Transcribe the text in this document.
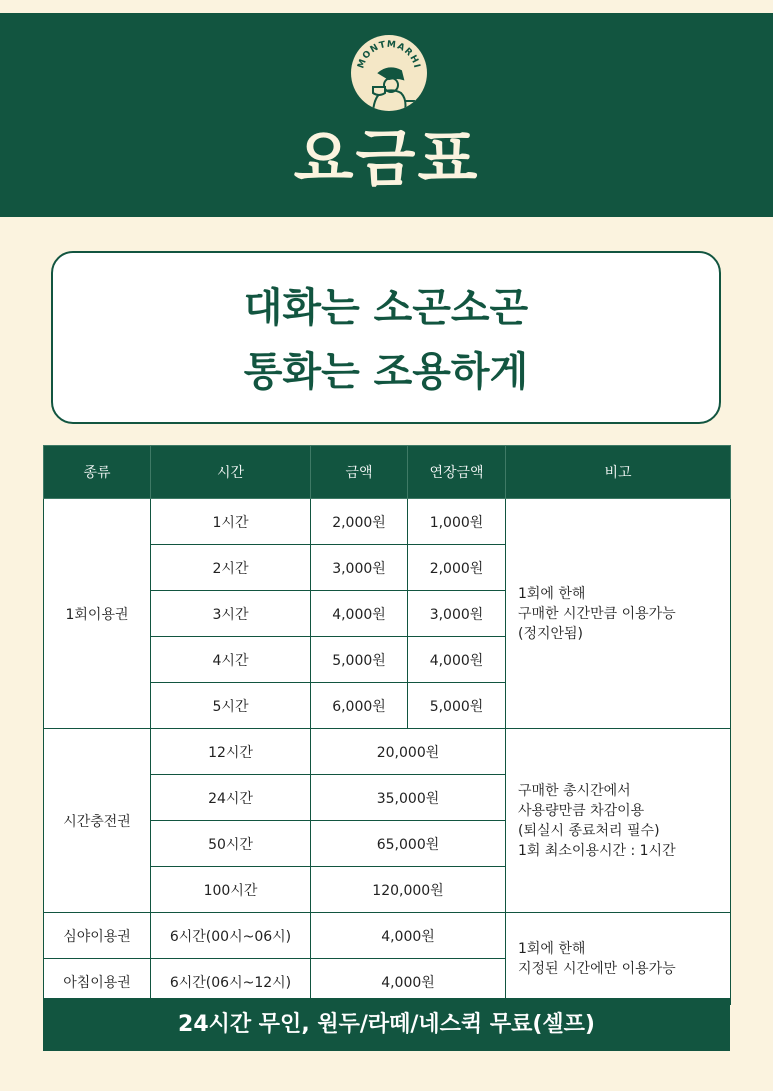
MONTMARHI
요금표
대화는 소곤소곤
통화는 조용하게
종류	시간	금액	연장금액	비고
1회이용권	1시간	2,000원	1,000원	1회에 한해
구매한 시간만큼 이용가능
(정지안됨)

	2시간	3,000원	2,000원	
	3시간	4,000원	3,000원	
	4시간	5,000원	4,000원	
	5시간	6,000원	5,000원	
시간충전권	12시간	20,000원		구매한 총시간에서
사용량만큼 차감이용
(퇴실시 종료처리 필수)
1회 최소이용시간 : 1시간

	24시간	35,000원		
	50시간	65,000원		
	100시간	120,000원		
심야이용권	6시간(00시~06시)	4,000원		1회에 한해
지정된 시간에만 이용가능

아침이용권	6시간(06시~12시)	4,000원		
24시간 무인, 원두/라떼/네스퀵 무료(셀프)
